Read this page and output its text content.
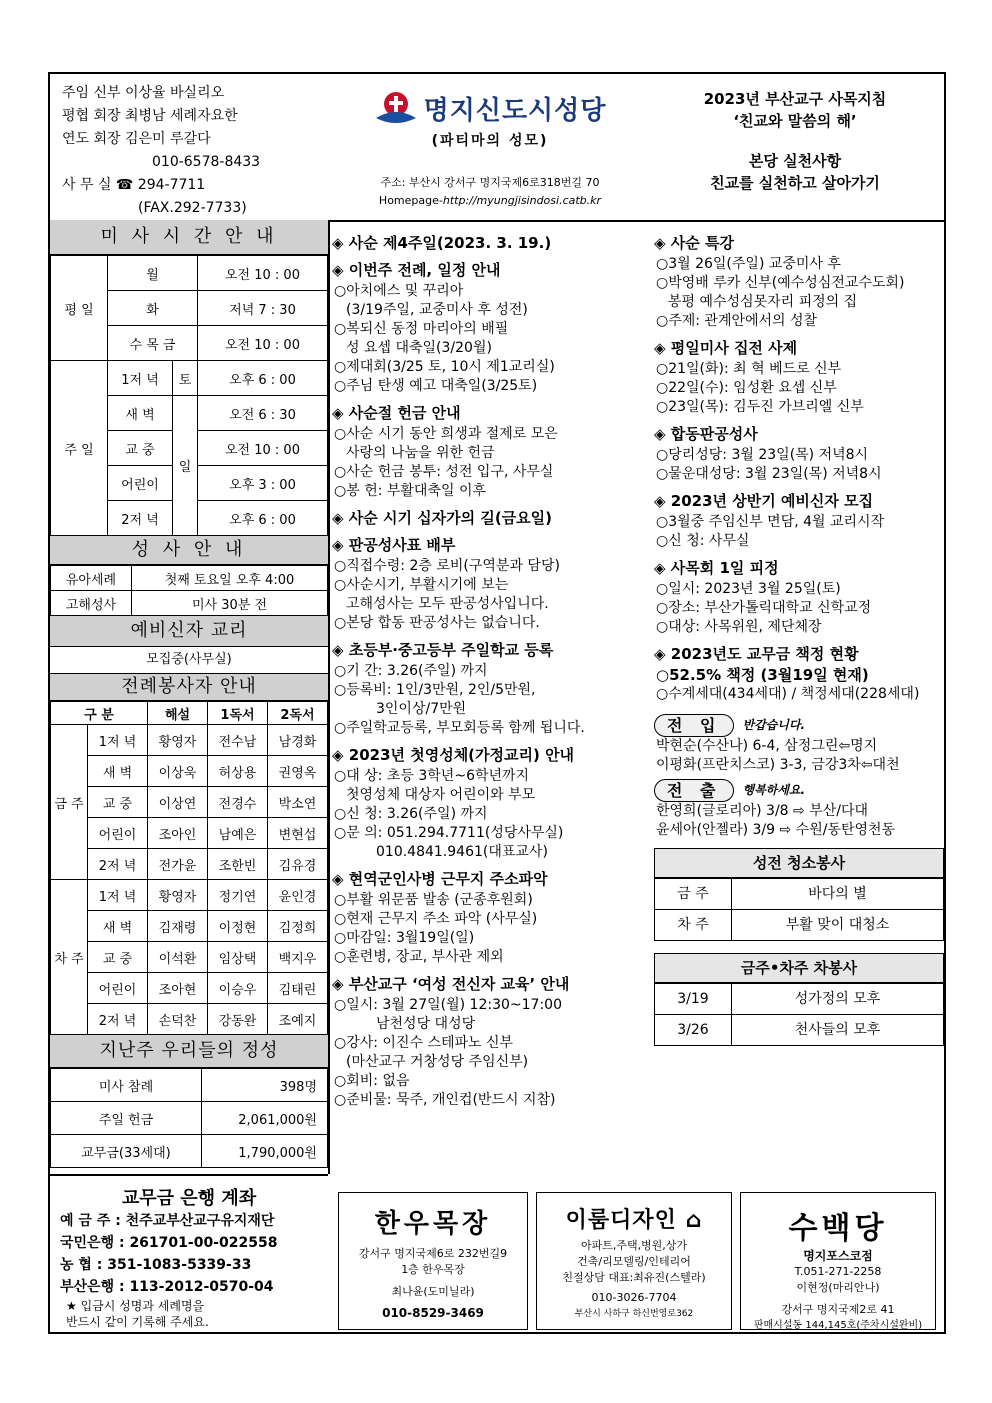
주임 신부 이상율 바실리오
평협 회장 최병남 세례자요한
연도 회장 김은미 루갈다
010-6578-8433
사 무 실 ☎ 294-7711
(FAX.292-7733)
명지신도시성당
(파티마의 성모)
주소: 부산시 강서구 명지국제6로318번길 70
Homepage-http://myungjisindosi.catb.kr
2023년 부산교구 사목지침
‘친교와 말씀의 해’
본당 실천사항
친교를 실천하고 살아가기
미 사 시 간 안 내
평 일	월		오전 10 : 00
	화		저녁 7 : 30
	수 목 금		오전 10 : 00
주 일	1저 녁	토	오후 6 : 00
	새 벽	일	오전 6 : 30
	교 중		오전 10 : 00
	어린이		오후 3 : 00
	2저 녁		오후 6 : 00
성 사 안 내
유아세례	첫째 토요일 오후 4:00
고해성사	미사 30분 전
예비신자 교리
모집중(사무실)
전례봉사자 안내
구 분		해설	1독서	2독서
금 주	1저 녁	황영자	전수남	남경화
	새 벽	이상욱	허상용	권영옥
	교 중	이상연	전경수	박소연
	어린이	조아인	남예은	변현섭
	2저 녁	전가윤	조한빈	김유경
차 주	1저 녁	황영자	정기연	윤인경
	새 벽	김재령	이정현	김정희
	교 중	이석환	임상택	백지우
	어린이	조아현	이승우	김태린
	2저 녁	손덕찬	강동완	조예지
지난주 우리들의 정성
미사 참례	398명
주일 헌금	2,061,000원
교무금(33세대)	1,790,000원
교무금 은행 계좌
예 금 주 : 천주교부산교구유지재단
국민은행 : 261701-00-022558
농 협 : 351-1083-5339-33
부산은행 : 113-2012-0570-04
★ 입금시 성명과 세례명을
반드시 같이 기록해 주세요.
◈ 사순 제4주일(2023. 3. 19.)
◈ 이번주 전례, 일정 안내
○아치에스 및 꾸리아
(3/19주일, 교중미사 후 성전)
○복되신 동정 마리아의 배필
성 요셉 대축일(3/20월)
○제대회(3/25 토, 10시 제1교리실)
○주님 탄생 예고 대축일(3/25토)
◈ 사순절 헌금 안내
○사순 시기 동안 희생과 절제로 모은
사랑의 나눔을 위한 헌금
○사순 헌금 봉투: 성전 입구, 사무실
○봉 헌: 부활대축일 이후
◈ 사순 시기 십자가의 길(금요일)
◈ 판공성사표 배부
○직접수령: 2층 로비(구역분과 담당)
○사순시기, 부활시기에 보는
고해성사는 모두 판공성사입니다.
○본당 합동 판공성사는 없습니다.
◈ 초등부·중고등부 주일학교 등록
○기 간: 3.26(주일) 까지
○등록비: 1인/3만원, 2인/5만원,
3인이상/7만원
○주일학교등록, 부모회등록 함께 됩니다.
◈ 2023년 첫영성체(가정교리) 안내
○대 상: 초등 3학년~6학년까지
첫영성체 대상자 어린이와 부모
○신 청: 3.26(주일) 까지
○문 의: 051.294.7711(성당사무실)
010.4841.9461(대표교사)
◈ 현역군인사병 근무지 주소파악
○부활 위문품 발송 (군종후원회)
○현재 근무지 주소 파악 (사무실)
○마감일: 3월19일(일)
○훈련병, 장교, 부사관 제외
◈ 부산교구 ‘여성 전신자 교육’ 안내
○일시: 3월 27일(월) 12:30~17:00
남천성당 대성당
○강사: 이진수 스테파노 신부
(마산교구 거창성당 주임신부)
○회비: 없음
○준비물: 묵주, 개인컵(반드시 지참)
◈ 사순 특강
○3월 26일(주일) 교중미사 후
○박영배 루카 신부(예수성심전교수도회)
봉평 예수성심못자리 피정의 집
○주제: 관계안에서의 성찰
◈ 평일미사 집전 사제
○21일(화): 최 혁 베드로 신부
○22일(수): 임성환 요셉 신부
○23일(목): 김두진 가브리엘 신부
◈ 합동판공성사
○당리성당: 3월 23일(목) 저녁8시
○물운대성당: 3월 23일(목) 저녁8시
◈ 2023년 상반기 예비신자 모집
○3월중 주임신부 면담, 4월 교리시작
○신 청: 사무실
◈ 사목회 1일 피정
○일시: 2023년 3월 25일(토)
○장소: 부산가톨릭대학교 신학교정
○대상: 사목위원, 제단체장
◈ 2023년도 교무금 책정 현황
○52.5% 책정 (3월19일 현재)
○수계세대(434세대) / 책정세대(228세대)
전 입	반갑습니다.
박현순(수산나) 6-4, 삼정그린⇦명지
이평화(프란치스코) 3-3, 금강3차⇦대천
전 출	행복하세요.
한영희(글로리아) 3/8 ⇨ 부산/다대
윤세아(안젤라) 3/9 ⇨ 수원/동탄영천동
성전 청소봉사
금 주	바다의 별
차 주	부활 맞이 대청소
금주•차주 차봉사
3/19	성가정의 모후
3/26	천사들의 모후
한우목장
강서구 명지국제6로 232번길9
1층 한우목장
최나윤(도미닐라)
010-8529-3469
이룸디자인 ⌂
아파트,주택,병원,상가
건축/리모델링/인테리어
친절상담 대표:최유진(스텔라)
010-3026-7704
부산시 사하구 하신번영로362
수백당
명지포스코점
T.051-271-2258
이현정(마리안나)
강서구 명지국제2로 41
판매시설동 144,145호(주차시설완비)
